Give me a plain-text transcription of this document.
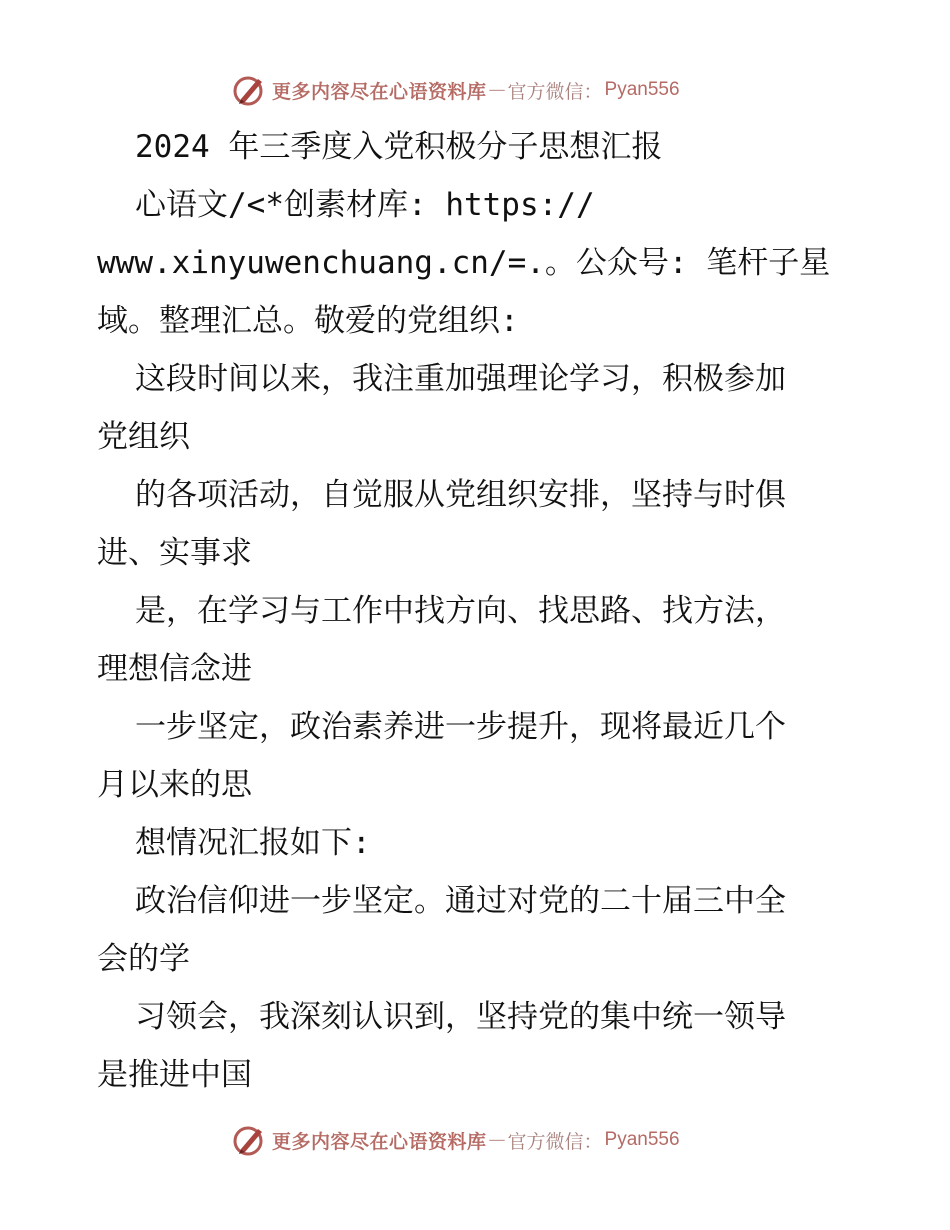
更多内容尽在心语资料库 — 官方微信： Pyan556

2024 年三季度入党积极分子思想汇报

心语文/<*创素材库: https://

www.xinyuwenchuang.cn/=.。公众号: 笔杆子星

域。整理汇总。敬爱的党组织:

这段时间以来，我注重加强理论学习，积极参加

党组织

的各项活动，自觉服从党组织安排，坚持与时俱

进、实事求

是，在学习与工作中找方向、找思路、找方法，

理想信念进

一步坚定，政治素养进一步提升，现将最近几个

月以来的思

想情况汇报如下:

政治信仰进一步坚定。通过对党的二十届三中全

会的学

习领会，我深刻认识到，坚持党的集中统一领导

是推进中国

更多内容尽在心语资料库 — 官方微信： Pyan556
